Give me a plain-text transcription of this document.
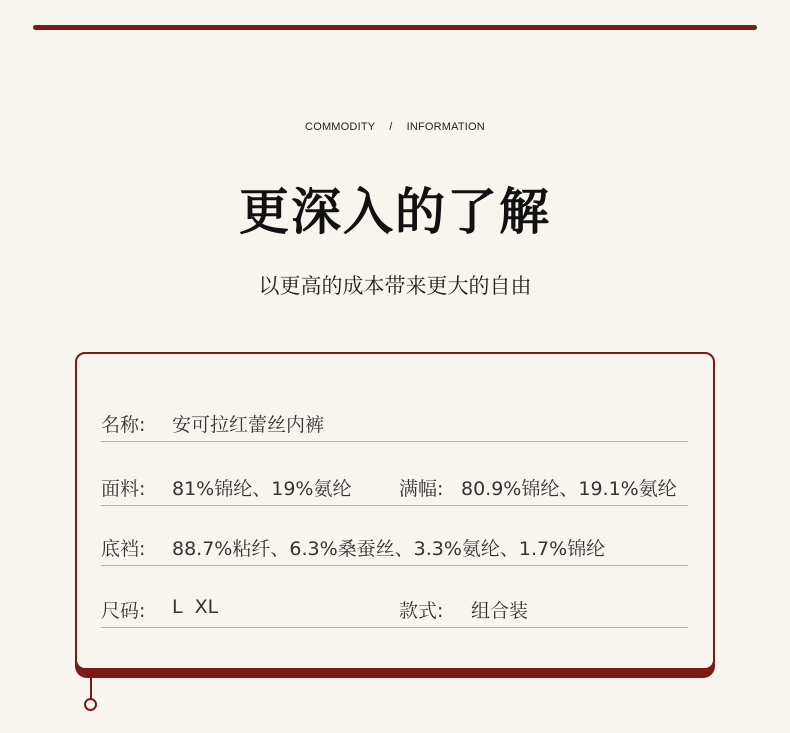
COMMODITY / INFORMATION
更深入的了解
以更高的成本带来更大的自由
名称: 安可拉红蕾丝内裤
面料: 81%锦纶、19%氨纶	满幅: 80.9%锦纶、19.1%氨纶
底裆: 88.7%粘纤、6.3%桑蚕丝、3.3%氨纶、1.7%锦纶
尺码: L  XL	款式: 组合装
